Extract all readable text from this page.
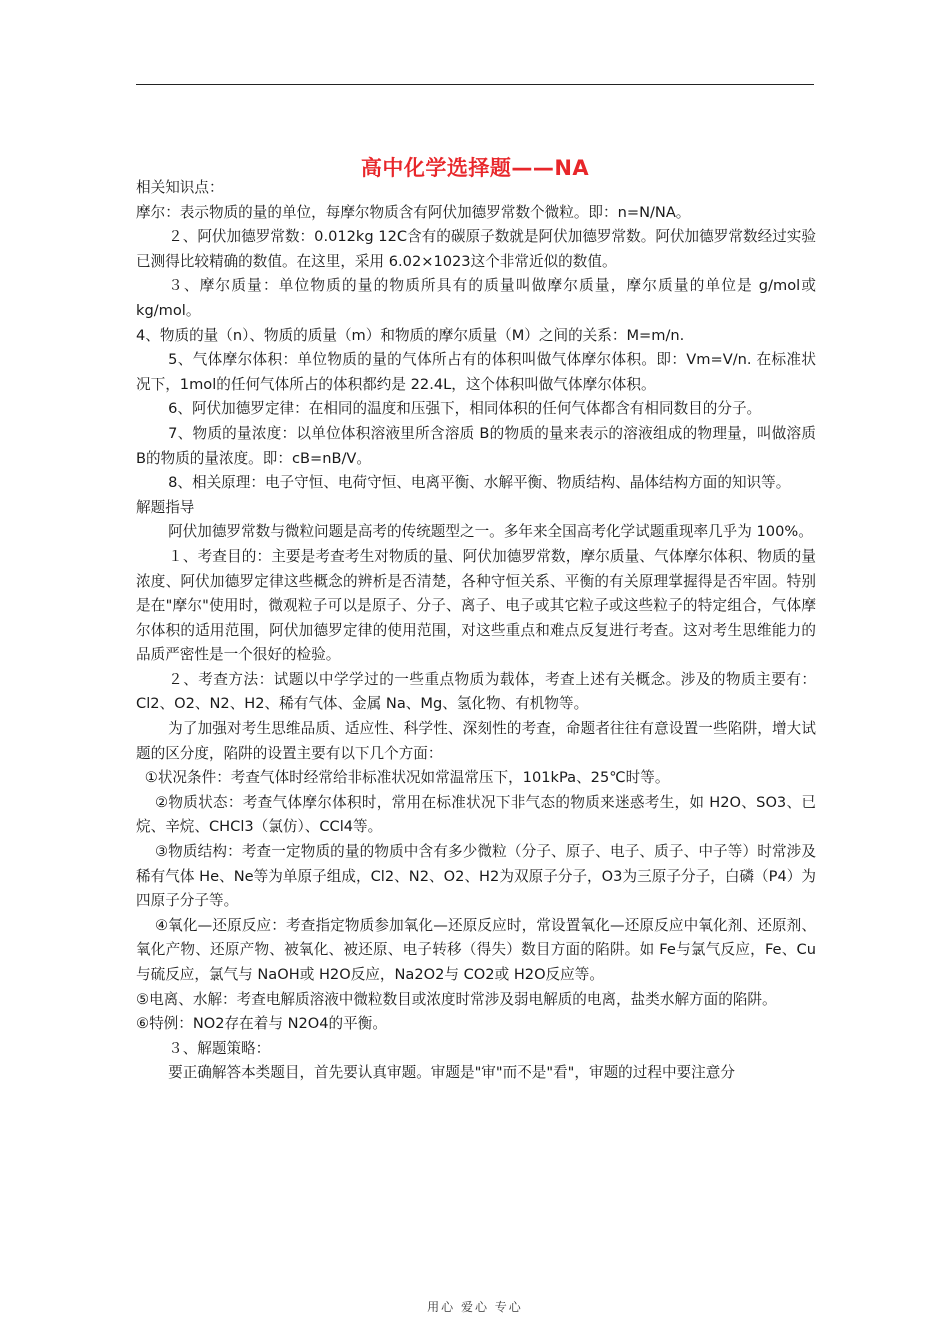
高中化学选择题——NA

相关知识点：

摩尔：表示物质的量的单位，每摩尔物质含有阿伏加德罗常数个微粒。即：n=N/NA。

２、阿伏加德罗常数：0.012kg 12C含有的碳原子数就是阿伏加德罗常数。阿伏加德罗常数经过实验已测得比较精确的数值。在这里，采用 6.02×1023这个非常近似的数值。

３、摩尔质量：单位物质的量的物质所具有的质量叫做摩尔质量，摩尔质量的单位是 g/mol或 kg/mol。

4、物质的量（n）、物质的质量（m）和物质的摩尔质量（M）之间的关系：M=m/n.

5、气体摩尔体积：单位物质的量的气体所占有的体积叫做气体摩尔体积。即：Vm=V/n. 在标准状况下，1mol的任何气体所占的体积都约是 22.4L，这个体积叫做气体摩尔体积。

6、阿伏加德罗定律：在相同的温度和压强下，相同体积的任何气体都含有相同数目的分子。

7、物质的量浓度：以单位体积溶液里所含溶质 B的物质的量来表示的溶液组成的物理量，叫做溶质 B的物质的量浓度。即：cB=nB/V。

8、相关原理：电子守恒、电荷守恒、电离平衡、水解平衡、物质结构、晶体结构方面的知识等。

解题指导

阿伏加德罗常数与微粒问题是高考的传统题型之一。多年来全国高考化学试题重现率几乎为 100%。

１、考查目的：主要是考查考生对物质的量、阿伏加德罗常数，摩尔质量、气体摩尔体积、物质的量浓度、阿伏加德罗定律这些概念的辨析是否清楚，各种守恒关系、平衡的有关原理掌握得是否牢固。特别是在"摩尔"使用时，微观粒子可以是原子、分子、离子、电子或其它粒子或这些粒子的特定组合，气体摩尔体积的适用范围，阿伏加德罗定律的使用范围，对这些重点和难点反复进行考查。这对考生思维能力的品质严密性是一个很好的检验。

２、考查方法：试题以中学学过的一些重点物质为载体，考查上述有关概念。涉及的物质主要有：Cl2、O2、N2、H2、稀有气体、金属 Na、Mg、氢化物、有机物等。

为了加强对考生思维品质、适应性、科学性、深刻性的考查，命题者往往有意设置一些陷阱，增大试题的区分度，陷阱的设置主要有以下几个方面：

①状况条件：考查气体时经常给非标准状况如常温常压下，101kPa、25℃时等。

②物质状态：考查气体摩尔体积时，常用在标准状况下非气态的物质来迷惑考生，如 H2O、SO3、已烷、辛烷、CHCl3（氯仿）、CCl4等。

③物质结构：考查一定物质的量的物质中含有多少微粒（分子、原子、电子、质子、中子等）时常涉及稀有气体 He、Ne等为单原子组成，Cl2、N2、O2、H2为双原子分子，O3为三原子分子，白磷（P4）为四原子分子等。

④氧化—还原反应：考查指定物质参加氧化—还原反应时，常设置氧化—还原反应中氧化剂、还原剂、氧化产物、还原产物、被氧化、被还原、电子转移（得失）数目方面的陷阱。如 Fe与氯气反应，Fe、Cu与硫反应，氯气与 NaOH或 H2O反应，Na2O2与 CO2或 H2O反应等。

⑤电离、水解：考查电解质溶液中微粒数目或浓度时常涉及弱电解质的电离，盐类水解方面的陷阱。

⑥特例：NO2存在着与 N2O4的平衡。

３、解题策略：

要正确解答本类题目，首先要认真审题。审题是"审"而不是"看"，审题的过程中要注意分

用心 爱心 专心
